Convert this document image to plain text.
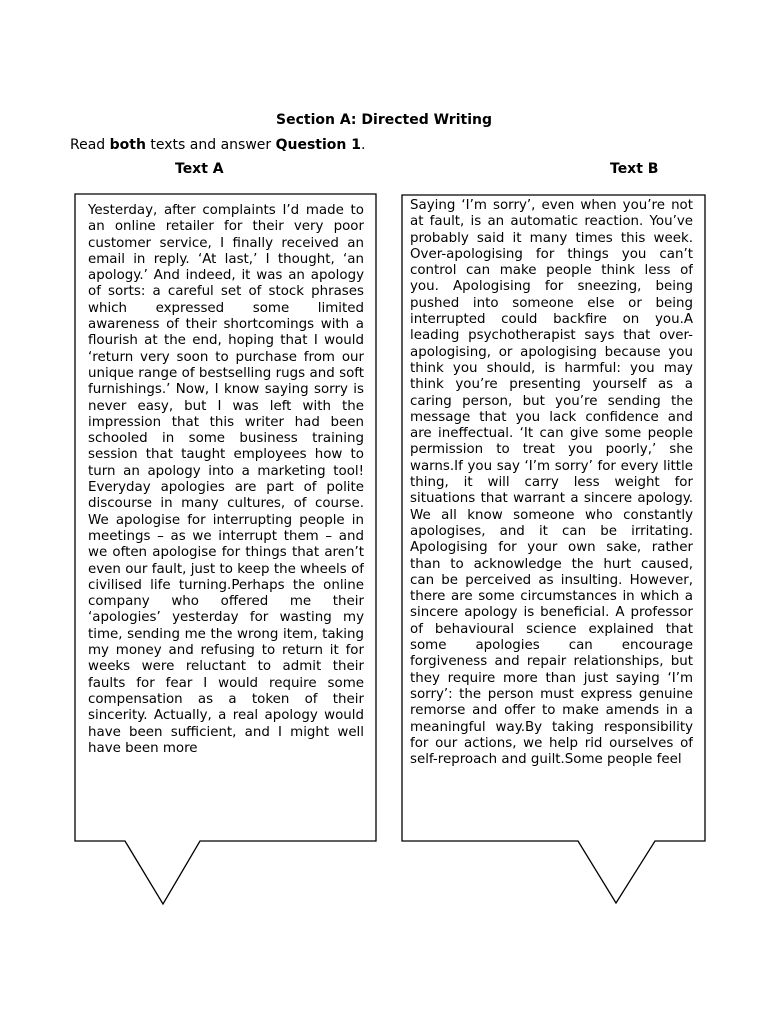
Section A: Directed Writing
Read both texts and answer Question 1.
Text A	Text B

Yesterday, after complaints I’d made to an online retailer for their very poor customer service, I finally received an email in reply. ‘At last,’ I thought, ‘an apology.’ And indeed, it was an apology of sorts: a careful set of stock phrases which expressed some limited awareness of their shortcomings with a flourish at the end, hoping that I would ‘return very soon to purchase from our unique range of bestselling rugs and soft furnishings.’ Now, I know saying sorry is never easy, but I was left with the impression that this writer had been schooled in some business training session that taught employees how to turn an apology into a marketing tool! Everyday apologies are part of polite discourse in many cultures, of course. We apologise for interrupting people in meetings – as we interrupt them – and we often apologise for things that aren’t even our fault, just to keep the wheels of civilised life turning.Perhaps the online company who offered me their ‘apologies’ yesterday for wasting my time, sending me the wrong item, taking my money and refusing to return it for weeks were reluctant to admit their faults for fear I would require some compensation as a token of their sincerity. Actually, a real apology would have been sufficient, and I might well have been more

Saying ‘I’m sorry’, even when you’re not at fault, is an automatic reaction. You’ve probably said it many times this week. Over-apologising for things you can’t control can make people think less of you. Apologising for sneezing, being pushed into someone else or being interrupted could backfire on you.A leading psychotherapist says that over-apologising, or apologising because you think you should, is harmful: you may think you’re presenting yourself as a caring person, but you’re sending the message that you lack confidence and are ineffectual. ‘It can give some people permission to treat you poorly,’ she warns.If you say ‘I’m sorry’ for every little thing, it will carry less weight for situations that warrant a sincere apology. We all know someone who constantly apologises, and it can be irritating. Apologising for your own sake, rather than to acknowledge the hurt caused, can be perceived as insulting. However, there are some circumstances in which a sincere apology is beneficial. A professor of behavioural science explained that some apologies can encourage forgiveness and repair relationships, but they require more than just saying ‘I’m sorry’: the person must express genuine remorse and offer to make amends in a meaningful way.By taking responsibility for our actions, we help rid ourselves of self-reproach and guilt.Some people feel
